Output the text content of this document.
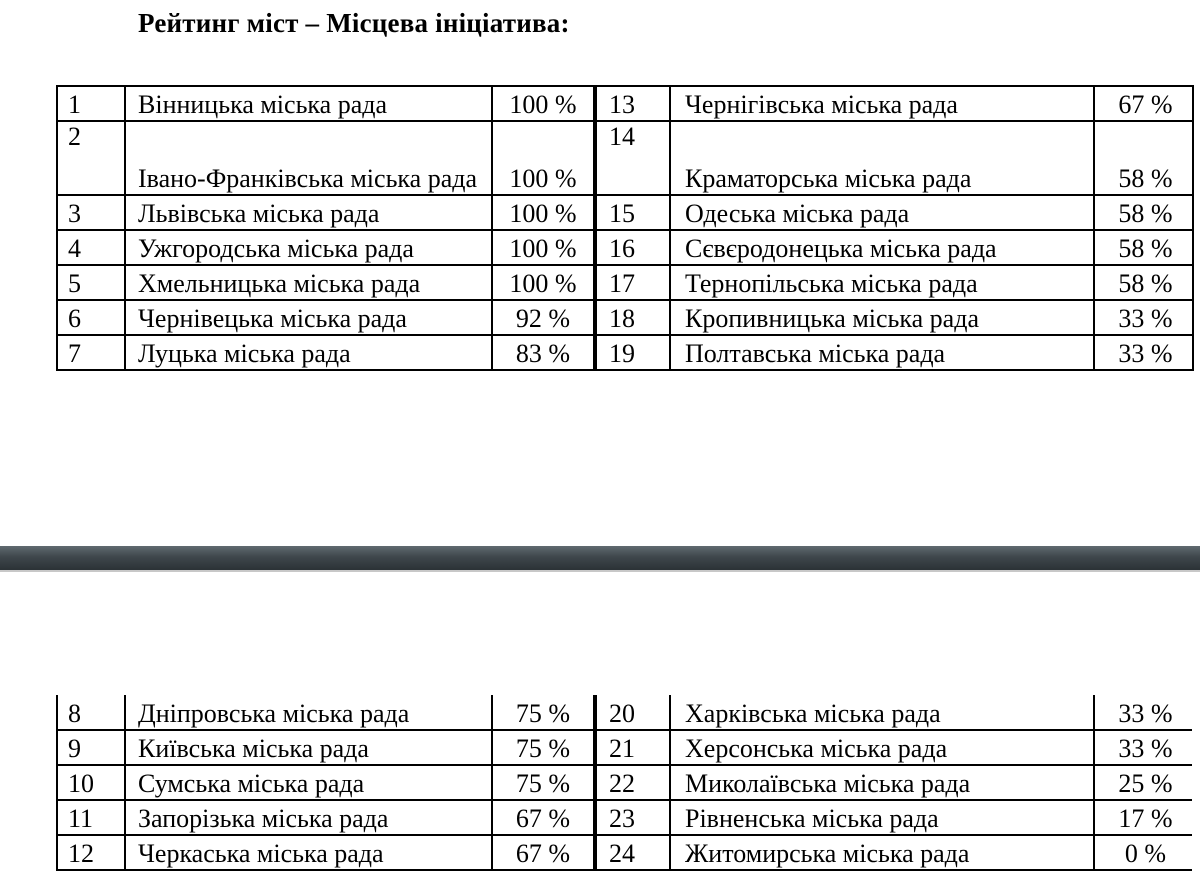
Рейтинг міст – Місцева ініціатива:
1	Вінницька міська рада	100 %	13	Чернігівська міська рада	67 %
2	Івано-Франківська міська рада	100 %	14	Краматорська міська рада	58 %
3	Львівська міська рада	100 %	15	Одеська міська рада	58 %
4	Ужгородська міська рада	100 %	16	Сєвєродонецька міська рада	58 %
5	Хмельницька міська рада	100 %	17	Тернопільська міська рада	58 %
6	Чернівецька міська рада	92 %	18	Кропивницька міська рада	33 %
7	Луцька міська рада	83 %	19	Полтавська міська рада	33 %
8	Дніпровська міська рада	75 %	20	Харківська міська рада	33 %
9	Київська міська рада	75 %	21	Херсонська міська рада	33 %
10	Сумська міська рада	75 %	22	Миколаївська міська рада	25 %
11	Запорізька міська рада	67 %	23	Рівненська міська рада	17 %
12	Черкаська міська рада	67 %	24	Житомирська міська рада	0 %
